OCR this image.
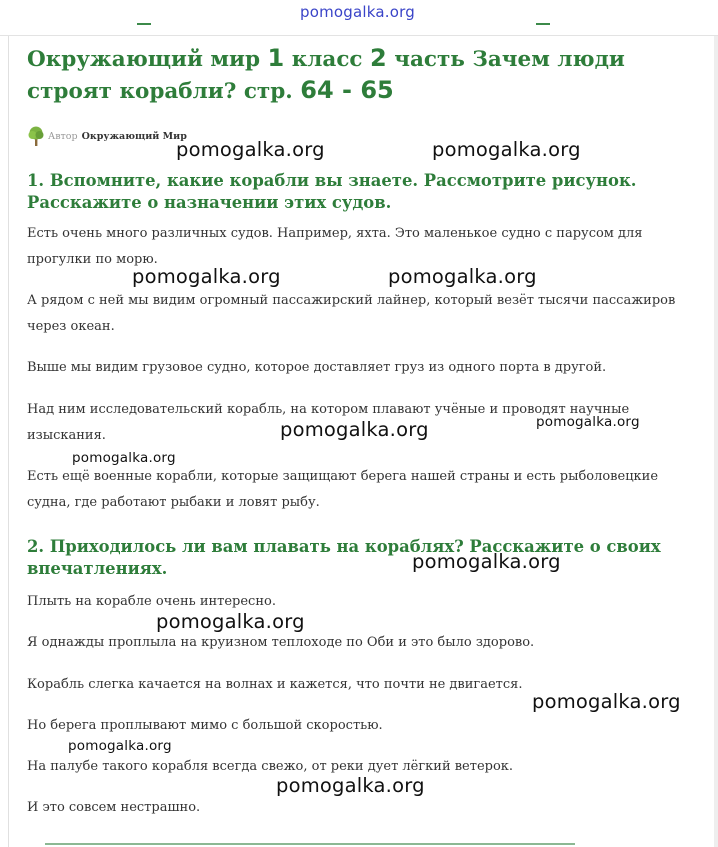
pomogalka.org
Окружающий мир 1 класс 2 часть Зачем люди строят корабли? стр. 64 - 65
Автор Окружающий Мир
1. Вспомните, какие корабли вы знаете. Рассмотрите рисунок. Расскажите о назначении этих судов.

Есть очень много различных судов. Например, яхта. Это маленькое судно с парусом для прогулки по морю.

А рядом с ней мы видим огромный пассажирский лайнер, который везёт тысячи пассажиров через океан.

Выше мы видим грузовое судно, которое доставляет груз из одного порта в другой.

Над ним исследовательский корабль, на котором плавают учёные и проводят научные изыскания.

Есть ещё военные корабли, которые защищают берега нашей страны и есть рыболовецкие судна, где работают рыбаки и ловят рыбу.

2. Приходилось ли вам плавать на кораблях? Расскажите о своих впечатлениях.

Плыть на корабле очень интересно.

Я однажды проплыла на круизном теплоходе по Оби и это было здорово.

Корабль слегка качается на волнах и кажется, что почти не двигается.

Но берега проплывают мимо с большой скоростью.

На палубе такого корабля всегда свежо, от реки дует лёгкий ветерок.

И это совсем нестрашно.

pomogalka.org	pomogalka.org
pomogalka.org	pomogalka.org
pomogalka.org	pomogalka.org
pomogalka.org
pomogalka.org
pomogalka.org
pomogalka.org
pomogalka.org
pomogalka.org
